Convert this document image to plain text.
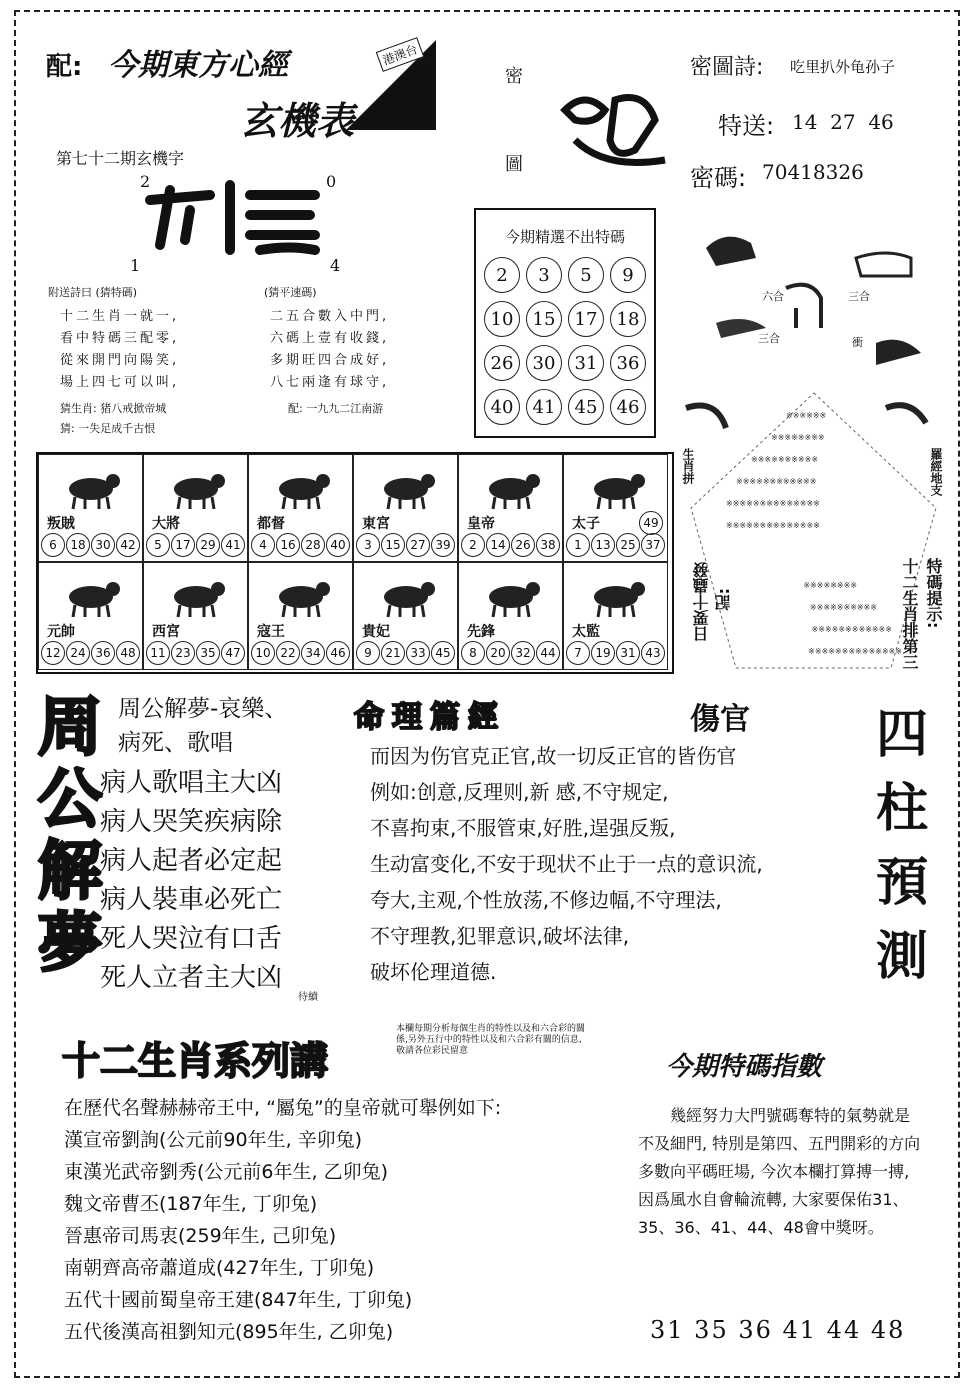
配: 今期東方心經
玄機表
港澳台
密
圖
密圖詩: 吃里扒外龟孙子
特送: 14  27  46
密碼: 70418326
第七十二期玄機字
2	0
1	4
附送詩曰 (猜特碼)	(猜平速碼)
十二生肖一就一,
看中特碼三配零,
從來開門向陽笑,
場上四七可以叫,
二五合數入中門,
六碼上壹有收錢,
多期旺四合成好,
八七兩逢有球守,
猜生肖: 猪八戒掀帝城
猜: 一失足成千古恨
配: 一九九二江南游
今期精選不出特碼
2	3	5	9
10	15	17	18
26	30	31	36
40	41	45	46
叛賊
6	18 30 42
大將
5	17 29 41
都督
4	16 28 40
東宮
3	15 27 39
皇帝
2	14 26 38
太子
1	13 25 37
49
元帥
12 24 36 48
西宮
11 23 35 47
寇王
10 22 34 46
貴妃
9	21 33 45
先鋒
8	20 32 44
太監
7	19 31 43
※※※※※※
※※※※※※※※
※※※※※※※※※※
※※※※※※※※※※※※
※※※※※※※※※※※※※※
※※※※※※※※※※※※※※
※※※※※※※※※※※※※※
※※※※※※※※※※※※
※※※※※※※※※※
※※※※※※※※
六合	三合
三合	衝
生肖拼	羅經地支
日要十蟲發 記:	十二生肖排第三 特碼提示:
周
公
解
夢
周公解夢-哀樂、
病死、歌唱
病人歌唱主大凶
病人哭笑疾病除
病人起者必定起
病人裝車必死亡
死人哭泣有口舌
死人立者主大凶
待續
命理篇經	傷官
而因为伤官克正官,故一切反正官的皆伤官
例如:创意,反理则,新 感,不守规定,
不喜拘束,不服管束,好胜,逞强反叛,
生动富变化,不安于现状不止于一点的意识流,
夸大,主观,个性放荡,不修边幅,不守理法,
不守理教,犯罪意识,破坏法律,
破坏伦理道德.
四
柱
預
測
十二生肖系列講
本欄每期分析每個生肖的特性以及和六合彩的關係,另外五行中的特性以及和六合彩有關的信息,敬請各位彩民留意
在歷代名聲赫赫帝王中, “屬兔”的皇帝就可舉例如下:
漢宣帝劉詢(公元前90年生, 辛卯兔)
東漢光武帝劉秀(公元前6年生, 乙卯兔)
魏文帝曹丕(187年生, 丁卯兔)
晉惠帝司馬衷(259年生, 己卯兔)
南朝齊高帝蕭道成(427年生, 丁卯兔)
五代十國前蜀皇帝王建(847年生, 丁卯兔)
五代後漢高祖劉知元(895年生, 乙卯兔)
今期特碼指數
幾經努力大門號碼奪特的氣勢就是不及細門, 特別是第四、五門開彩的方向多數向平碼旺場, 今次本欄打算搏一搏, 因爲風水自會輪流轉, 大家要保佑31、35、36、41、44、48會中獎呀。
31 35 36 41 44 48
